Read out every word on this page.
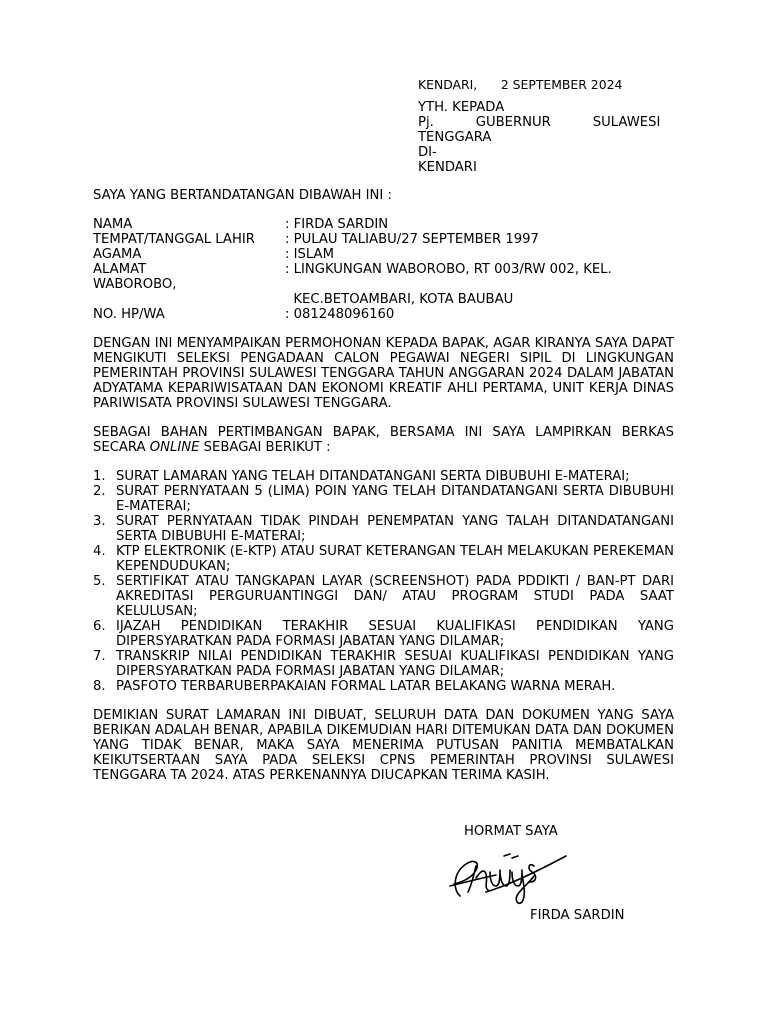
KENDARI,      2 SEPTEMBER 2024
YTH. KEPADA
Pj.          GUBERNUR          SULAWESI
TENGGARA
DI-
KENDARI
SAYA YANG BERTANDATANGAN DIBAWAH INI :
NAMA	: FIRDA SARDIN
TEMPAT/TANGGAL LAHIR : PULAU TALIABU/27 SEPTEMBER 1997
AGAMA	: ISLAM
ALAMAT	: LINGKUNGAN WABOROBO, RT 003/RW 002, KEL.
WABOROBO,
KEC.BETOAMBARI, KOTA BAUBAU
NO. HP/WA	: 081248096160
DENGAN INI MENYAMPAIKAN PERMOHONAN KEPADA BAPAK, AGAR KIRANYA SAYA DAPAT MENGIKUTI SELEKSI PENGADAAN CALON PEGAWAI NEGERI SIPIL DI LINGKUNGAN PEMERINTAH PROVINSI SULAWESI TENGGARA TAHUN ANGGARAN 2024 DALAM JABATAN ADYATAMA KEPARIWISATAAN DAN EKONOMI KREATIF AHLI PERTAMA, UNIT KERJA DINAS PARIWISATA PROVINSI SULAWESI TENGGARA.
SEBAGAI BAHAN PERTIMBANGAN BAPAK, BERSAMA INI SAYA LAMPIRKAN BERKAS SECARA ONLINE SEBAGAI BERIKUT :
1. SURAT LAMARAN YANG TELAH DITANDATANGANI SERTA DIBUBUHI E-MATERAI;
2. SURAT PERNYATAAN 5 (LIMA) POIN YANG TELAH DITANDATANGANI SERTA DIBUBUHI E-MATERAI;
3. SURAT PERNYATAAN TIDAK PINDAH PENEMPATAN YANG TALAH DITANDATANGANI SERTA DIBUBUHI E-MATERAI;
4. KTP ELEKTRONIK (E-KTP) ATAU SURAT KETERANGAN TELAH MELAKUKAN PEREKEMAN KEPENDUDUKAN;
5. SERTIFIKAT ATAU TANGKAPAN LAYAR (SCREENSHOT) PADA PDDIKTI / BAN-PT DARI AKREDITASI PERGURUANTINGGI DAN/ ATAU PROGRAM STUDI PADA SAAT KELULUSAN;
6. IJAZAH PENDIDIKAN TERAKHIR SESUAI KUALIFIKASI PENDIDIKAN YANG DIPERSYARATKAN PADA FORMASI JABATAN YANG DILAMAR;
7. TRANSKRIP NILAI PENDIDIKAN TERAKHIR SESUAI KUALIFIKASI PENDIDIKAN YANG DIPERSYARATKAN PADA FORMASI JABATAN YANG DILAMAR;
8. PASFOTO TERBARUBERPAKAIAN FORMAL LATAR BELAKANG WARNA MERAH.
DEMIKIAN SURAT LAMARAN INI DIBUAT, SELURUH DATA DAN DOKUMEN YANG SAYA BERIKAN ADALAH BENAR, APABILA DIKEMUDIAN HARI DITEMUKAN DATA DAN DOKUMEN YANG TIDAK BENAR, MAKA SAYA MENERIMA PUTUSAN PANITIA MEMBATALKAN KEIKUTSERTAAN SAYA PADA SELEKSI CPNS PEMERINTAH PROVINSI SULAWESI TENGGARA TA 2024. ATAS PERKENANNYA DIUCAPKAN TERIMA KASIH.
HORMAT SAYA
FIRDA SARDIN
